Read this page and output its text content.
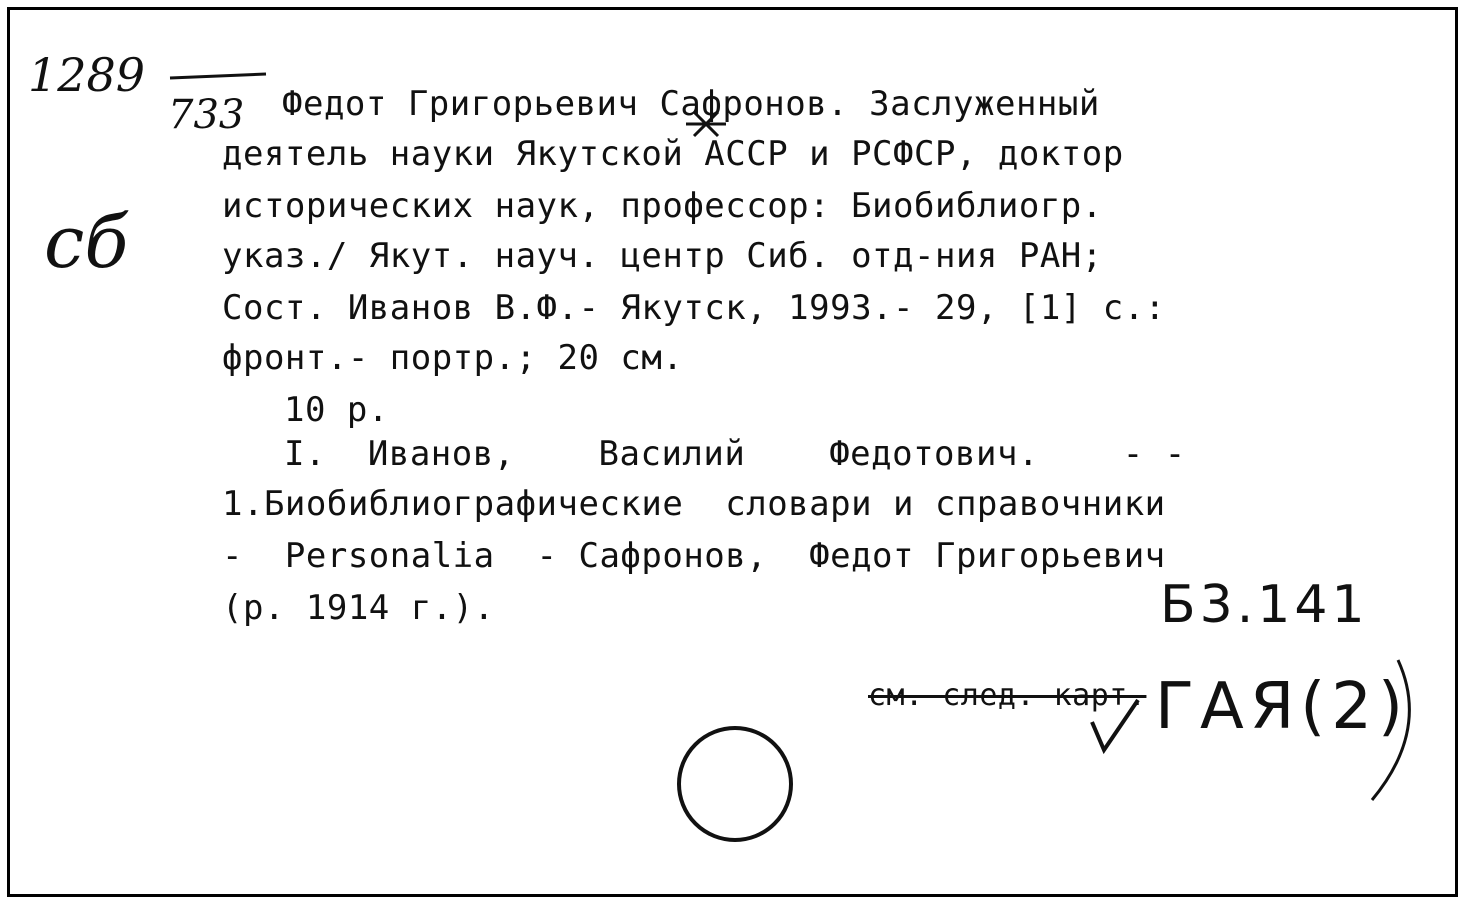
1289
733
сб
Б3.141
ГАЯ(2)
Федот Григорьевич Сафронов. Заслуженный
деятель науки Якутской АССР и РСФСР, доктор
исторических наук, профессор: Биобиблиогр.
указ./ Якут. науч. центр Сиб. отд-ния РАН;
Сост. Иванов В.Ф.- Якутск, 1993.- 29, [1] с.:
фронт.- портр.; 20 см.
10 р.
I.  Иванов,    Василий    Федотович.    - -
1.Биобиблиографические  словари и справочники
-  Personalia  - Сафронов,  Федот Григорьевич
(р. 1914 г.).
см. след. карт.
